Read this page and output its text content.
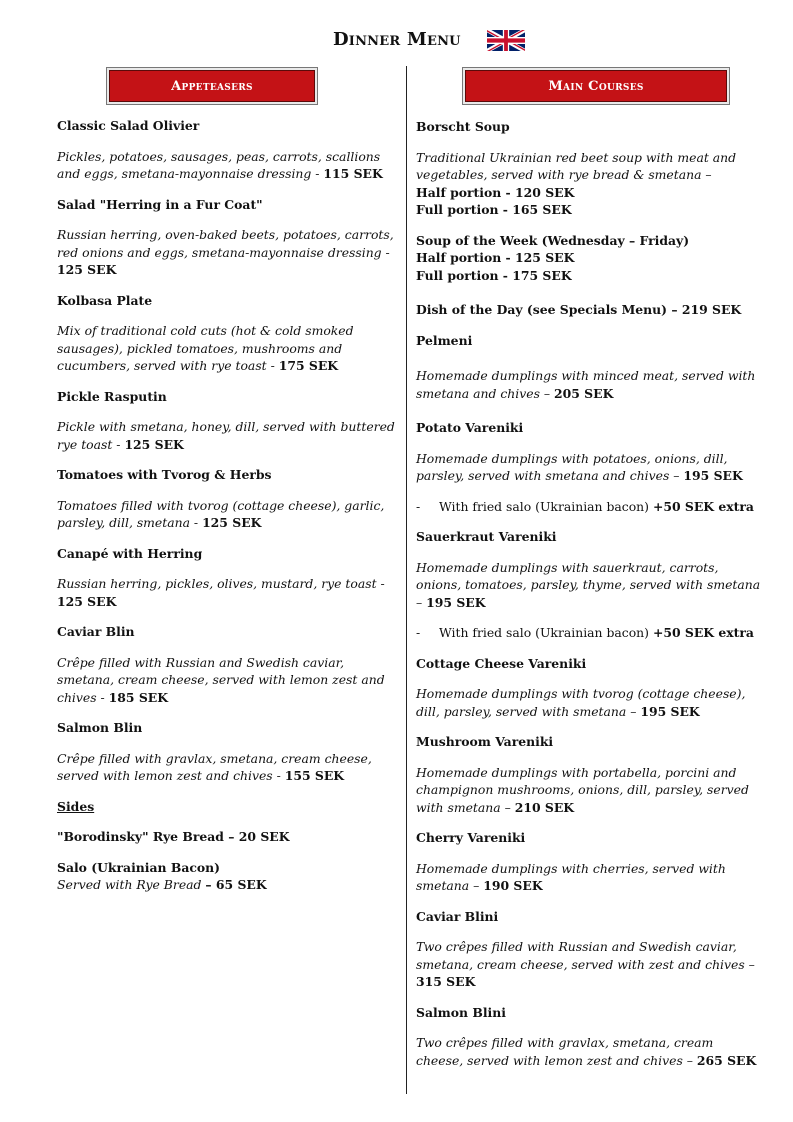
Dinner Menu
Appeteasers	Main Courses
Classic Salad Olivier
Pickles, potatoes, sausages, peas, carrots, scallions and eggs, smetana-mayonnaise dressing - 115 SEK
Salad "Herring in a Fur Coat"
Russian herring, oven-baked beets, potatoes, carrots, red onions and eggs, smetana-mayonnaise dressing - 125 SEK
Kolbasa Plate
Mix of traditional cold cuts (hot & cold smoked sausages), pickled tomatoes, mushrooms and cucumbers, served with rye toast - 175 SEK
Pickle Rasputin
Pickle with smetana, honey, dill, served with buttered rye toast - 125 SEK
Tomatoes with Tvorog & Herbs
Tomatoes filled with tvorog (cottage cheese), garlic, parsley, dill, smetana - 125 SEK
Canapé with Herring
Russian herring, pickles, olives, mustard, rye toast - 125 SEK
Caviar Blin
Crêpe filled with Russian and Swedish caviar, smetana, cream cheese, served with lemon zest and chives - 185 SEK
Salmon Blin
Crêpe filled with gravlax, smetana, cream cheese, served with lemon zest and chives - 155 SEK
Sides
"Borodinsky" Rye Bread – 20 SEK
Salo (Ukrainian Bacon)
Served with Rye Bread – 65 SEK
Borscht Soup
Traditional Ukrainian red beet soup with meat and vegetables, served with rye bread & smetana –
Half portion - 120 SEK
Full portion - 165 SEK
Soup of the Week (Wednesday – Friday)
Half portion - 125 SEK
Full portion - 175 SEK
Dish of the Day (see Specials Menu) – 219 SEK
Pelmeni
Homemade dumplings with minced meat, served with smetana and chives – 205 SEK
Potato Vareniki
Homemade dumplings with potatoes, onions, dill, parsley, served with smetana and chives – 195 SEK
- With fried salo (Ukrainian bacon) +50 SEK extra
Sauerkraut Vareniki
Homemade dumplings with sauerkraut, carrots, onions, tomatoes, parsley, thyme, served with smetana – 195 SEK
- With fried salo (Ukrainian bacon) +50 SEK extra
Cottage Cheese Vareniki
Homemade dumplings with tvorog (cottage cheese), dill, parsley, served with smetana – 195 SEK
Mushroom Vareniki
Homemade dumplings with portabella, porcini and champignon mushrooms, onions, dill, parsley, served with smetana – 210 SEK
Cherry Vareniki
Homemade dumplings with cherries, served with smetana – 190 SEK
Caviar Blini
Two crêpes filled with Russian and Swedish caviar, smetana, cream cheese, served with zest and chives – 315 SEK
Salmon Blini
Two crêpes filled with gravlax, smetana, cream cheese, served with lemon zest and chives – 265 SEK
